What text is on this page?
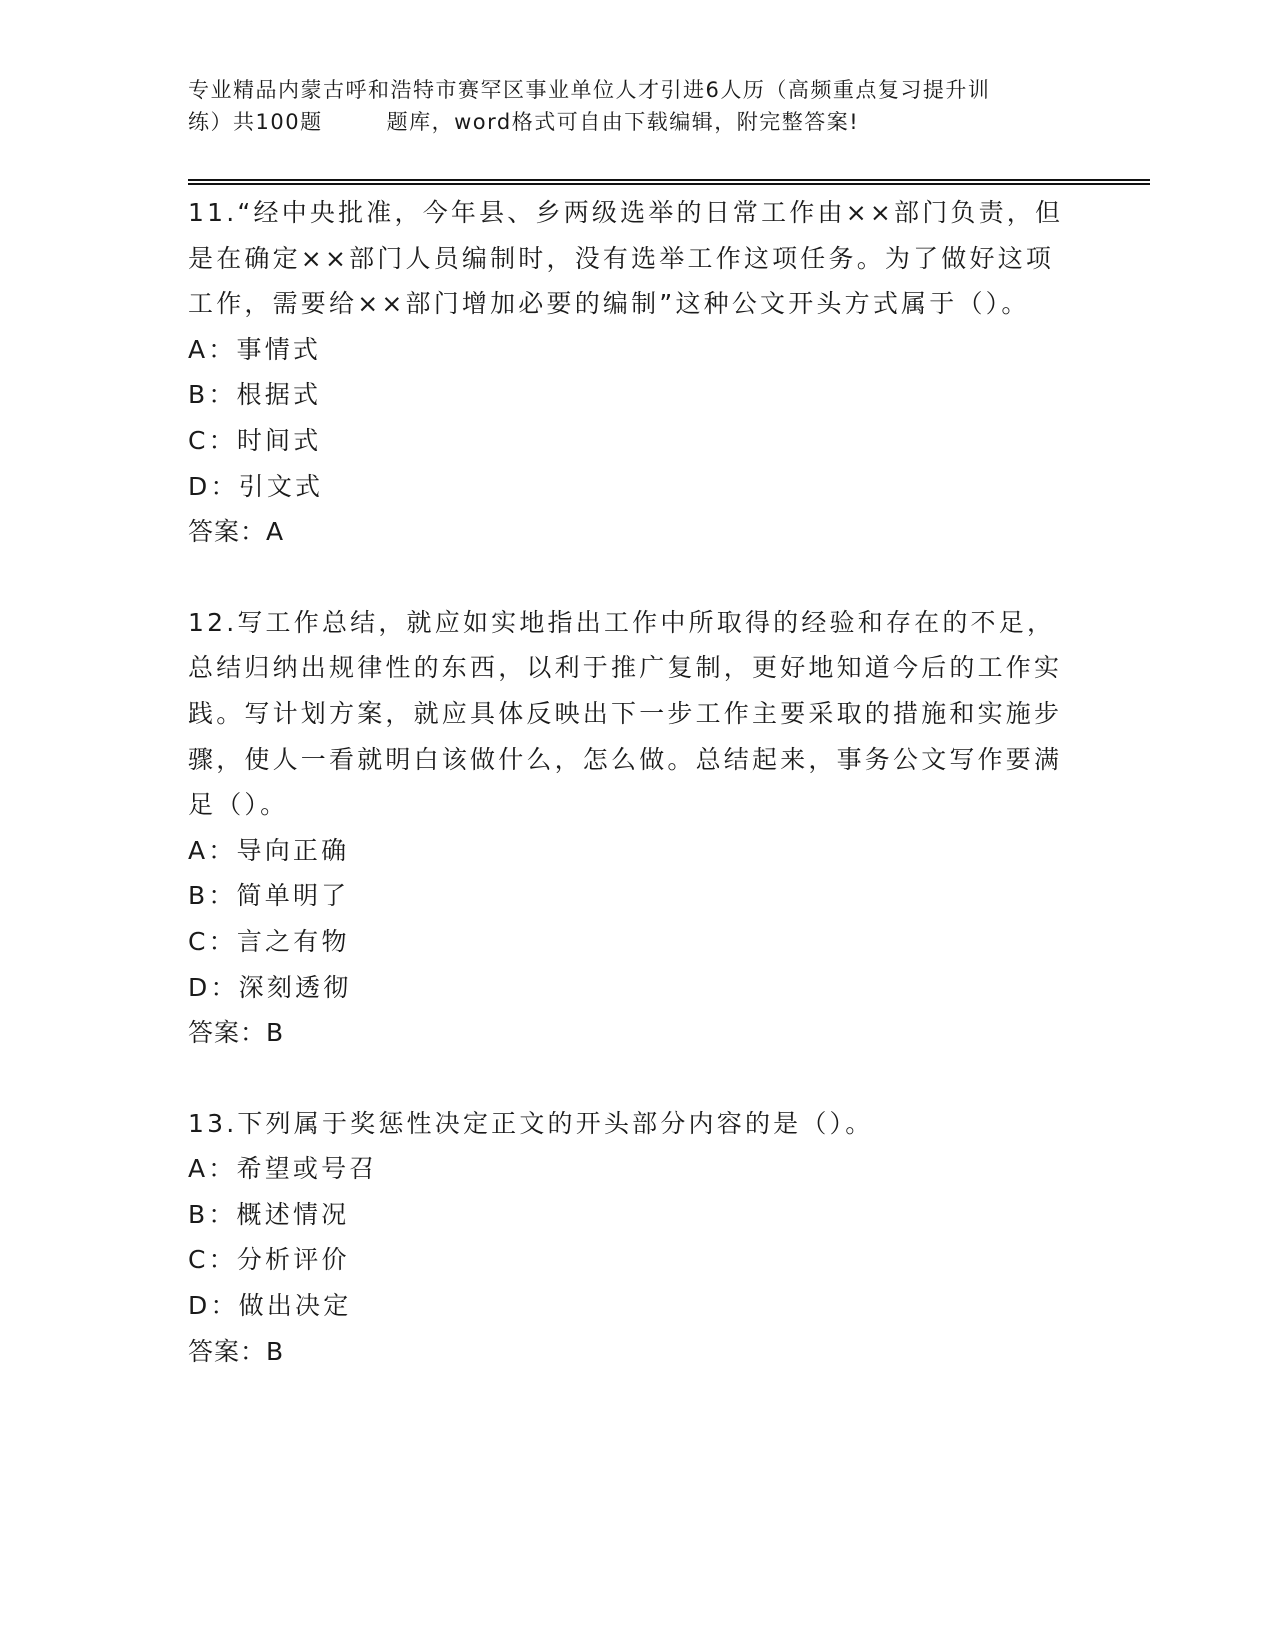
专业精品内蒙古呼和浩特市赛罕区事业单位人才引进6人历（高频重点复习提升训
练）共100题	题库，word格式可自由下载编辑，附完整答案!

11.“经中央批准，今年县、乡两级选举的日常工作由××部门负责，但是在确定××部门人员编制时，没有选举工作这项任务。为了做好这项工作，需要给××部门增加必要的编制”这种公文开头方式属于（）。

A：事情式

B：根据式

C：时间式

D：引文式

答案：A

12.写工作总结，就应如实地指出工作中所取得的经验和存在的不足，总结归纳出规律性的东西，以利于推广复制，更好地知道今后的工作实践。写计划方案，就应具体反映出下一步工作主要采取的措施和实施步骤，使人一看就明白该做什么，怎么做。总结起来，事务公文写作要满足（）。

A：导向正确

B：简单明了

C：言之有物

D：深刻透彻

答案：B

13.下列属于奖惩性决定正文的开头部分内容的是（）。

A：希望或号召

B：概述情况

C：分析评价

D：做出决定

答案：B
